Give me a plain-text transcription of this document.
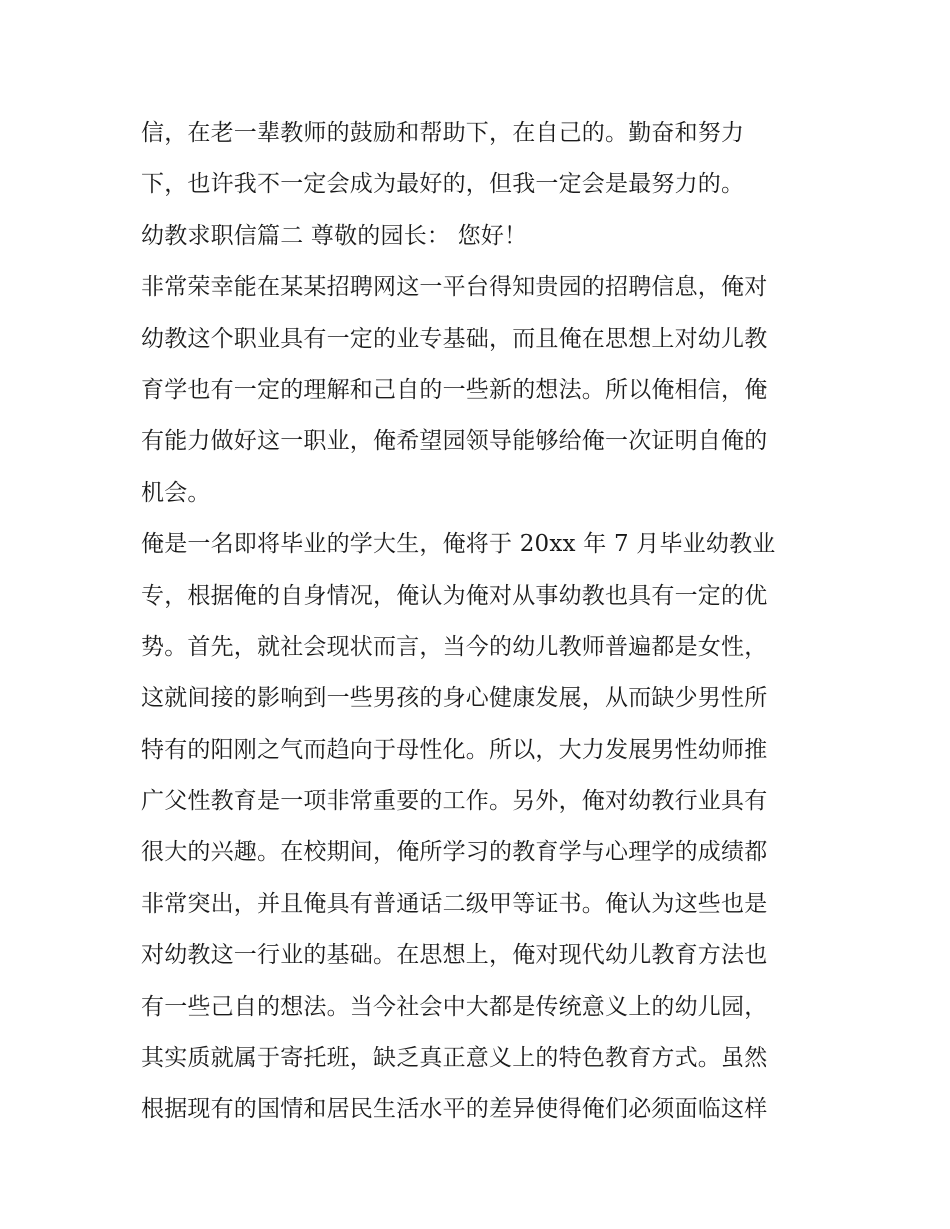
信，在老一辈教师的鼓励和帮助下，在自己的。勤奋和努力
下，也许我不一定会成为最好的，但我一定会是最努力的。
幼教求职信篇二 尊敬的园长： 您好！
非常荣幸能在某某招聘网这一平台得知贵园的招聘信息，俺对
幼教这个职业具有一定的业专基础，而且俺在思想上对幼儿教
育学也有一定的理解和己自的一些新的想法。所以俺相信，俺
有能力做好这一职业，俺希望园领导能够给俺一次证明自俺的
机会。
俺是一名即将毕业的学大生，俺将于 20xx 年 7 月毕业幼教业
专，根据俺的自身情况，俺认为俺对从事幼教也具有一定的优
势。首先，就社会现状而言，当今的幼儿教师普遍都是女性，
这就间接的影响到一些男孩的身心健康发展，从而缺少男性所
特有的阳刚之气而趋向于母性化。所以，大力发展男性幼师推
广父性教育是一项非常重要的工作。另外，俺对幼教行业具有
很大的兴趣。在校期间，俺所学习的教育学与心理学的成绩都
非常突出，并且俺具有普通话二级甲等证书。俺认为这些也是
对幼教这一行业的基础。在思想上，俺对现代幼儿教育方法也
有一些己自的想法。当今社会中大都是传统意义上的幼儿园，
其实质就属于寄托班，缺乏真正意义上的特色教育方式。虽然
根据现有的国情和居民生活水平的差异使得俺们必须面临这样
